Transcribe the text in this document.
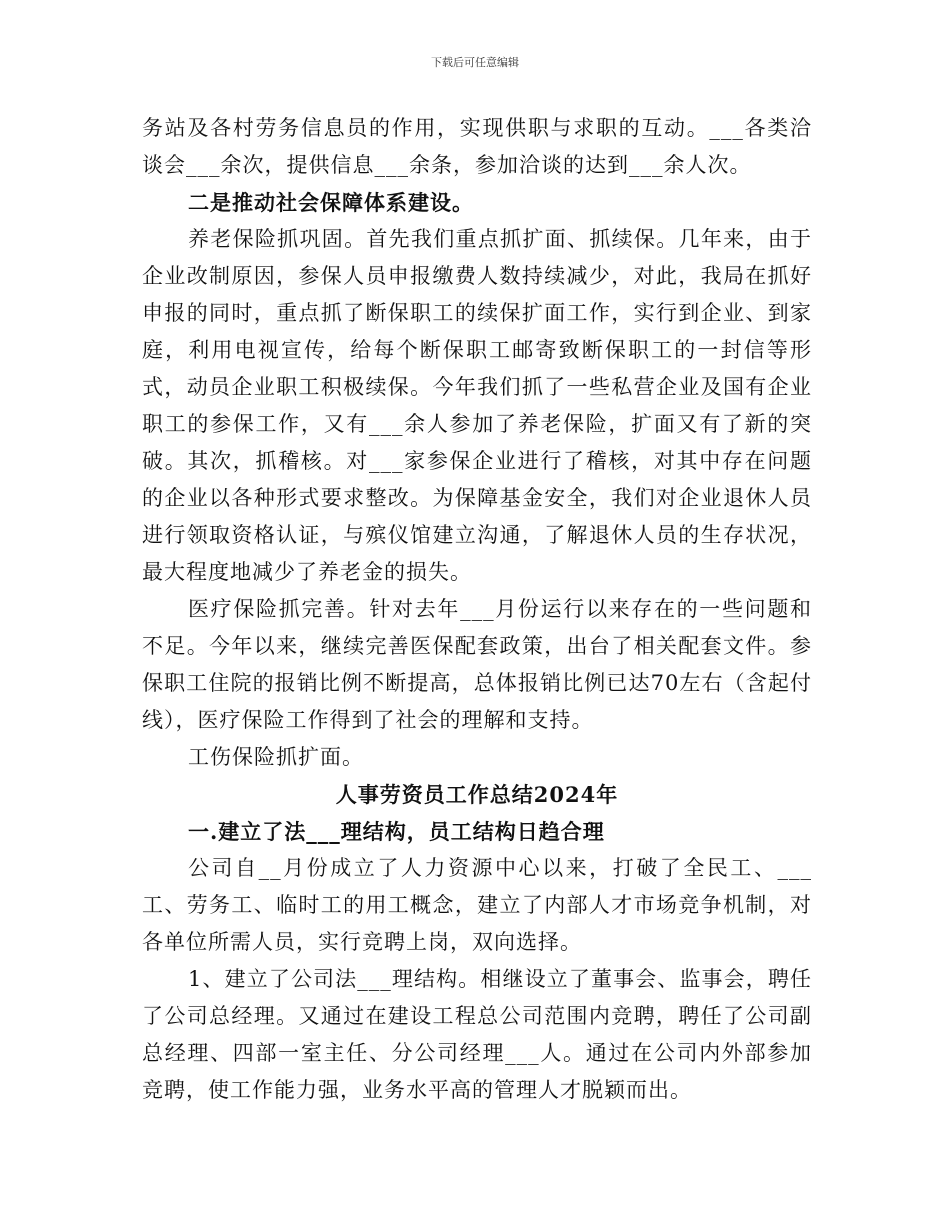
下载后可任意编辑

务站及各村劳务信息员的作用，实现供职与求职的互动。___各类洽谈会___余次，提供信息___余条，参加洽谈的达到___余人次。

二是推动社会保障体系建设。

养老保险抓巩固。首先我们重点抓扩面、抓续保。几年来，由于企业改制原因，参保人员申报缴费人数持续减少，对此，我局在抓好申报的同时，重点抓了断保职工的续保扩面工作，实行到企业、到家庭，利用电视宣传，给每个断保职工邮寄致断保职工的一封信等形式，动员企业职工积极续保。今年我们抓了一些私营企业及国有企业职工的参保工作，又有___余人参加了养老保险，扩面又有了新的突破。其次，抓稽核。对___家参保企业进行了稽核，对其中存在问题的企业以各种形式要求整改。为保障基金安全，我们对企业退休人员进行领取资格认证，与殡仪馆建立沟通，了解退休人员的生存状况，最大程度地减少了养老金的损失。

医疗保险抓完善。针对去年___月份运行以来存在的一些问题和不足。今年以来，继续完善医保配套政策，出台了相关配套文件。参保职工住院的报销比例不断提高，总体报销比例已达70左右（含起付线），医疗保险工作得到了社会的理解和支持。

工伤保险抓扩面。

人事劳资员工作总结2024年

一.建立了法___理结构，员工结构日趋合理

公司自__月份成立了人力资源中心以来，打破了全民工、___工、劳务工、临时工的用工概念，建立了内部人才市场竞争机制，对各单位所需人员，实行竞聘上岗，双向选择。

1、建立了公司法___理结构。相继设立了董事会、监事会，聘任了公司总经理。又通过在建设工程总公司范围内竞聘，聘任了公司副总经理、四部一室主任、分公司经理___人。通过在公司内外部参加竞聘，使工作能力强，业务水平高的管理人才脱颖而出。
